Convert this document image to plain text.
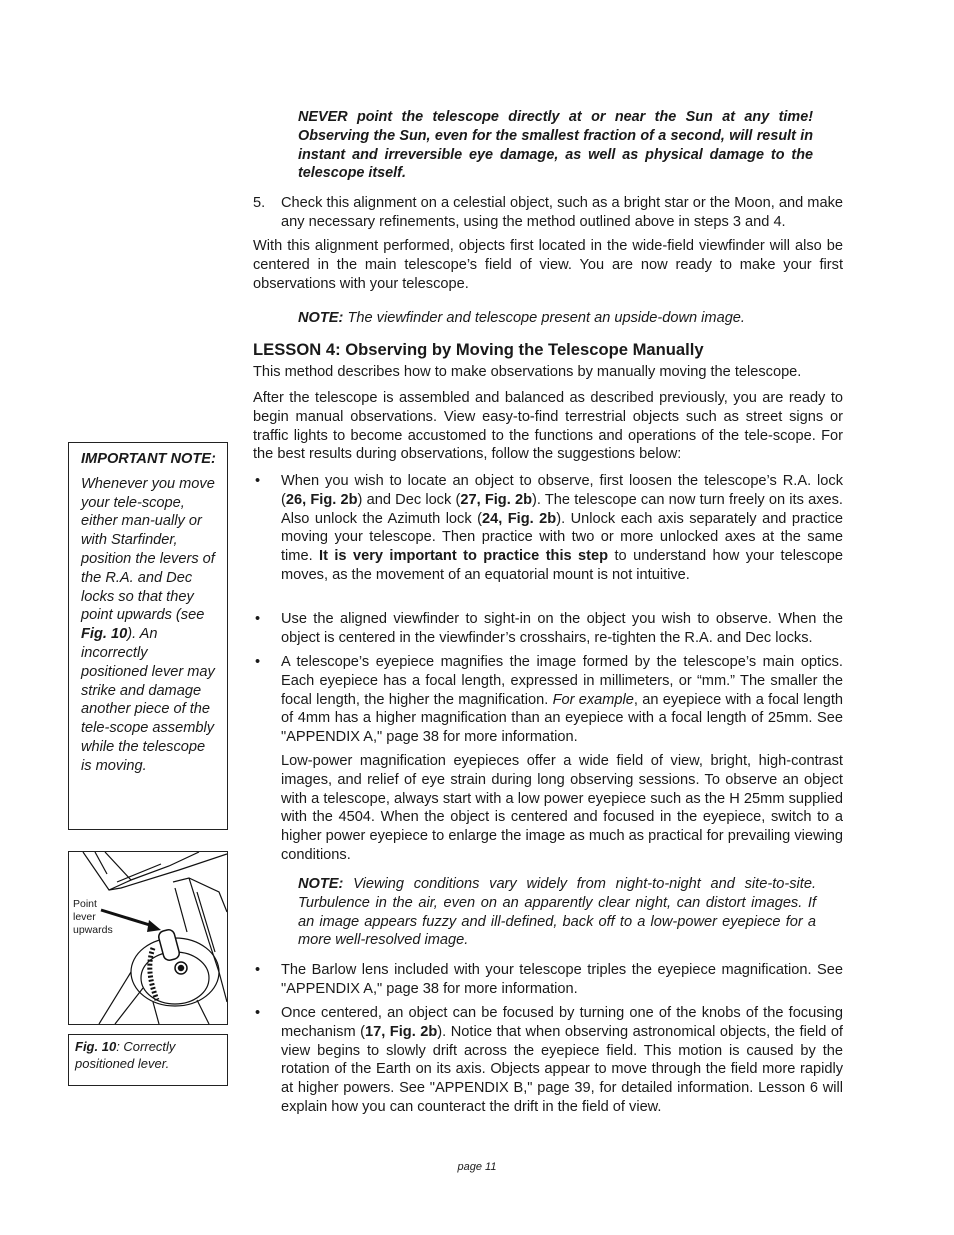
NEVER point the telescope directly at or near the Sun at any time! Observing the Sun, even for the smallest fraction of a second, will result in instant and irreversible eye damage, as well as physical damage to the telescope itself.
5. Check this alignment on a celestial object, such as a bright star or the Moon, and make any necessary refinements, using the method outlined above in steps 3 and 4.
With this alignment performed, objects first located in the wide-field viewfinder will also be centered in the main telescope’s field of view. You are now ready to make your first observations with your telescope.
NOTE: The viewfinder and telescope present an upside-down image.
LESSON 4: Observing by Moving the Telescope Manually
This method describes how to make observations by manually moving the telescope.
After the telescope is assembled and balanced as described previously, you are ready to begin manual observations. View easy-to-find terrestrial objects such as street signs or traffic lights to become accustomed to the functions and operations of the tele-scope. For the best results during observations, follow the suggestions below:
• When you wish to locate an object to observe, first loosen the telescope’s R.A. lock (26, Fig. 2b) and Dec lock (27, Fig. 2b). The telescope can now turn freely on its axes. Also unlock the Azimuth lock (24, Fig. 2b). Unlock each axis separately and practice moving your telescope. Then practice with two or more unlocked axes at the same time. It is very important to practice this step to understand how your telescope moves, as the movement of an equatorial mount is not intuitive.
• Use the aligned viewfinder to sight-in on the object you wish to observe. When the object is centered in the viewfinder’s crosshairs, re-tighten the R.A. and Dec locks.
• A telescope’s eyepiece magnifies the image formed by the telescope’s main optics. Each eyepiece has a focal length, expressed in millimeters, or “mm.” The smaller the focal length, the higher the magnification. For example, an eyepiece with a focal length of 4mm has a higher magnification than an eyepiece with a focal length of 25mm. See "APPENDIX A," page 38 for more information.
Low-power magnification eyepieces offer a wide field of view, bright, high-contrast images, and relief of eye strain during long observing sessions. To observe an object with a telescope, always start with a low power eyepiece such as the H 25mm supplied with the 4504. When the object is centered and focused in the eyepiece, switch to a higher power eyepiece to enlarge the image as much as practical for prevailing viewing conditions.
NOTE: Viewing conditions vary widely from night-to-night and site-to-site. Turbulence in the air, even on an apparently clear night, can distort images. If an image appears fuzzy and ill-defined, back off to a low-power eyepiece for a more well-resolved image.
• The Barlow lens included with your telescope triples the eyepiece magnification. See "APPENDIX A," page 38 for more information.
• Once centered, an object can be focused by turning one of the knobs of the focusing mechanism (17, Fig. 2b). Notice that when observing astronomical objects, the field of view begins to slowly drift across the eyepiece field. This motion is caused by the rotation of the Earth on its axis. Objects appear to move through the field more rapidly at higher powers. See "APPENDIX B," page 39, for detailed information. Lesson 6 will explain how you can counteract the drift in the field of view.
IMPORTANT NOTE:
Whenever you move your tele-scope, either man-ually or with Starfinder, position the levers of the R.A. and Dec locks so that they point upwards (see Fig. 10). An incorrectly positioned lever may strike and damage another piece of the tele-scope assembly while the telescope is moving.
Point
lever
upwards
Fig. 10: Correctly positioned lever.
page 11
